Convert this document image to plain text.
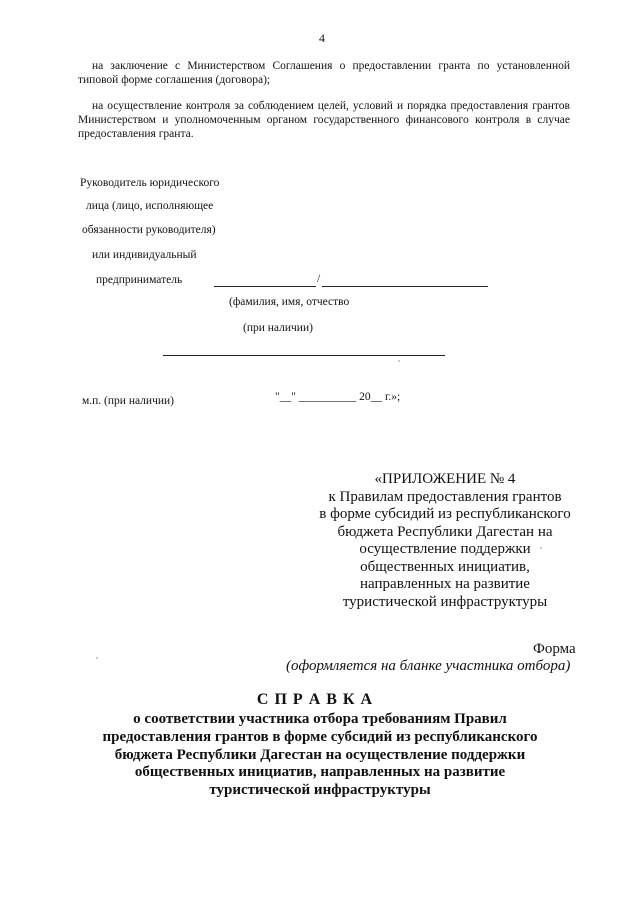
4
на заключение с Министерством Соглашения о предоставлении гранта по установленной типовой форме соглашения (договора);
на осуществление контроля за соблюдением целей, условий и порядка предоставления грантов Министерством и уполномоченным органом государственного финансового контроля в случае предоставления гранта.
Руководитель юридического
лица (лицо, исполняющее
обязанности руководителя)
или индивидуальный
предприниматель	/
(фамилия, имя, отчество
(при наличии)
м.п. (при наличии)	"__" __________ 20__ г.»;
«ПРИЛОЖЕНИЕ № 4
к Правилам предоставления грантов
в форме субсидий из республиканского
бюджета Республики Дагестан на
осуществление поддержки
общественных инициатив,
направленных на развитие
туристической инфраструктуры
Форма
(оформляется на бланке участника отбора)
С П Р А В К А
о соответствии участника отбора требованиям Правил
предоставления грантов в форме субсидий из республиканского
бюджета Республики Дагестан на осуществление поддержки
общественных инициатив, направленных на развитие
туристической инфраструктуры
